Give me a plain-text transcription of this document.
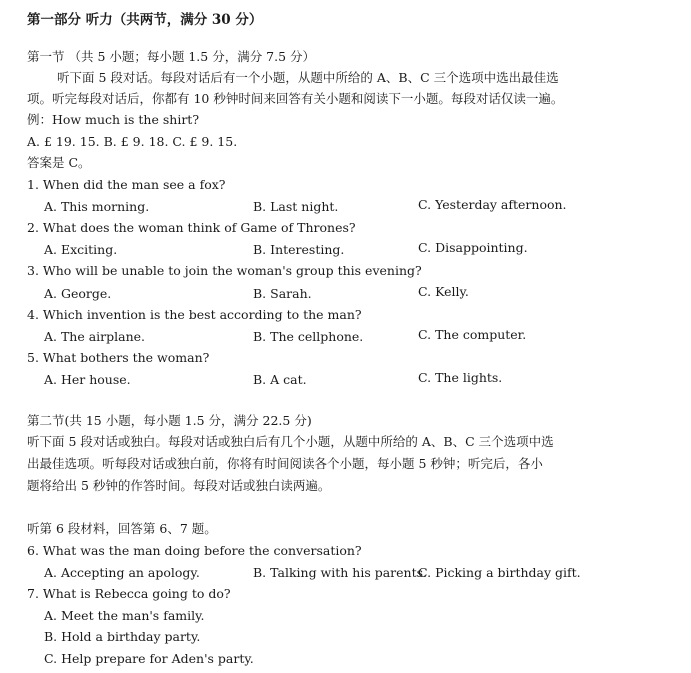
第一部分 听力（共两节，满分 30 分）
第一节 （共 5 小题；每小题 1.5 分，满分 7.5 分）
听下面 5 段对话。每段对话后有一个小题，从题中所给的 A、B、C 三个选项中选出最佳选
项。听完每段对话后，你都有 10 秒钟时间来回答有关小题和阅读下一小题。每段对话仅读一遍。
例：How much is the shirt?
A. £ 19. 15. B. £ 9. 18. C. £ 9. 15.
答案是 C。
1. When did the man see a fox?
A. This morning.	B. Last night.	C. Yesterday afternoon.
2. What does the woman think of Game of Thrones?
A. Exciting.	B. Interesting.	C. Disappointing.
3. Who will be unable to join the woman's group this evening?
A. George.	B. Sarah.	C. Kelly.
4. Which invention is the best according to the man?
A. The airplane.	B. The cellphone.	C. The computer.
5. What bothers the woman?
A. Her house.	B. A cat.	C. The lights.
第二节(共 15 小题，每小题 1.5 分，满分 22.5 分)
听下面 5 段对话或独白。每段对话或独白后有几个小题，从题中所给的 A、B、C 三个选项中选
出最佳选项。听每段对话或独白前，你将有时间阅读各个小题，每小题 5 秒钟；听完后，各小
题将给出 5 秒钟的作答时间。每段对话或独白读两遍。
听第 6 段材料，回答第 6、7 题。
6. What was the man doing before the conversation?
A. Accepting an apology.	B. Talking with his parents.
C. Picking a birthday gift.
7. What is Rebecca going to do?
A. Meet the man's family.
B. Hold a birthday party.
C. Help prepare for Aden's party.
